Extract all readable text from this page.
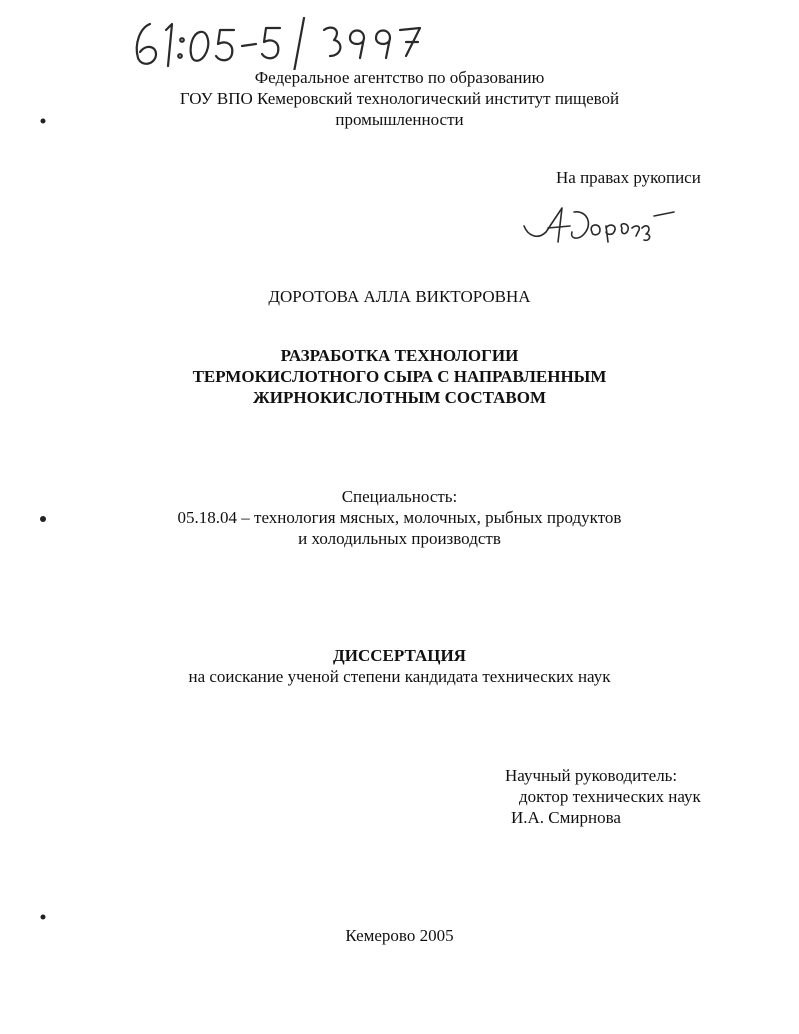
Федеральное агентство по образованию
ГОУ ВПО Кемеровский технологический институт пищевой
промышленности
На правах рукописи
ДОРОТОВА АЛЛА ВИКТОРОВНА
РАЗРАБОТКА ТЕХНОЛОГИИ
ТЕРМОКИСЛОТНОГО СЫРА С НАПРАВЛЕННЫМ
ЖИРНОКИСЛОТНЫМ СОСТАВОМ
Специальность:
05.18.04 – технология мясных, молочных, рыбных продуктов
и холодильных производств
ДИССЕРТАЦИЯ
на соискание ученой степени кандидата технических наук
Научный руководитель:
доктор технических наук
И.А. Смирнова
Кемерово 2005
